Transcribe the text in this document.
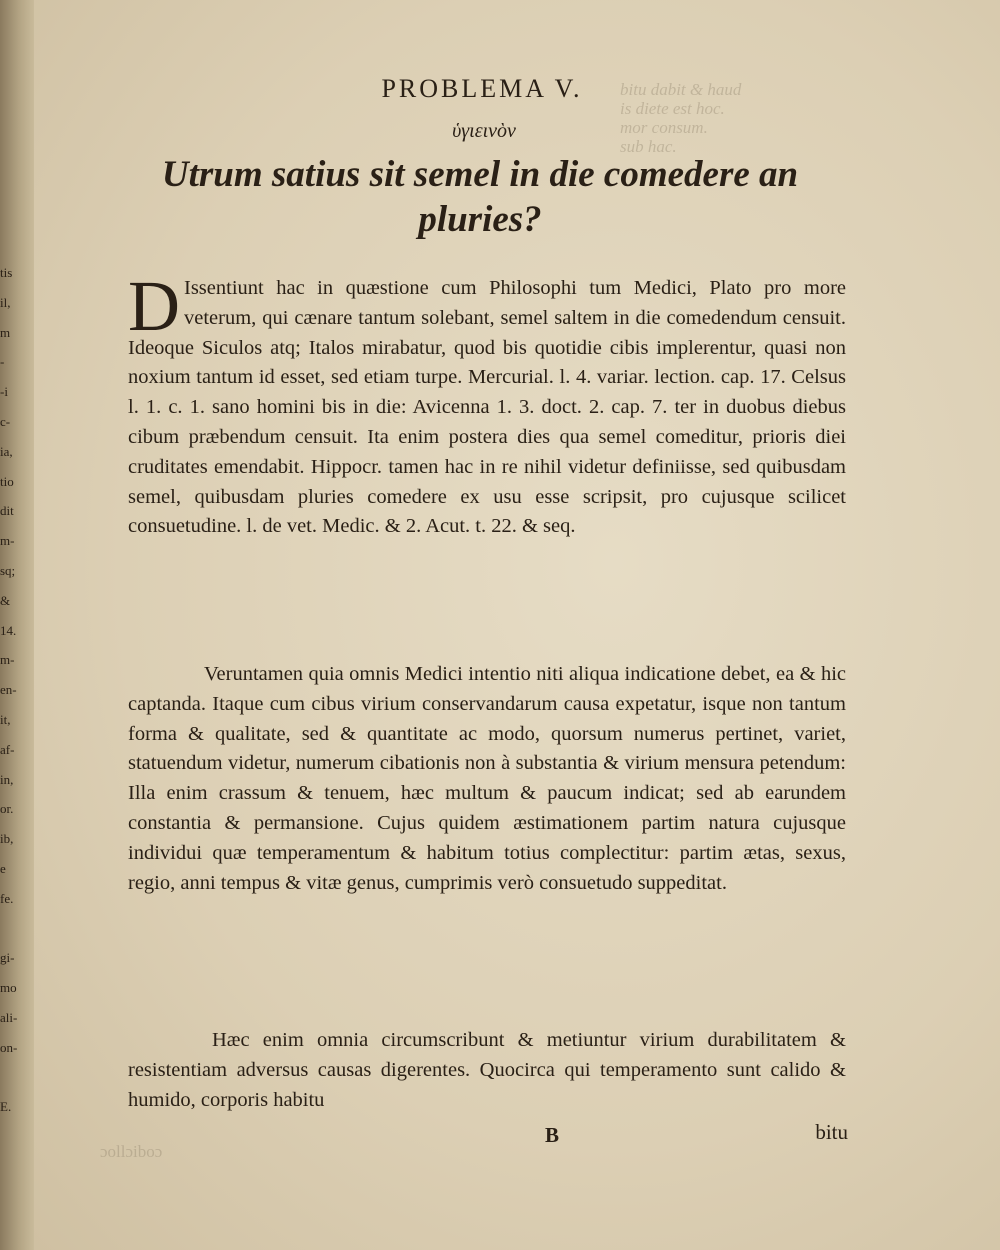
bitu dabit & haud
is diete est hoc.
mor consum.
sub hac.
ɔollɔiboɔ
tis
il,
m
-
-i
c-
ia,
tio
dit
m-
sq;
&
14.
m-
en-
it,
af-
in,
or.
ib,
e
fe.

gi-
mo
ali-
on-

E.
PROBLEMA V.
ὑγιεινὸν
Utrum satius sit semel in die comedere an pluries?
D Issentiunt hac in quæstione cum Philosophi tum Medici, Plato pro more veterum, qui cænare tantum solebant, semel saltem in die comedendum censuit. Ideoque Siculos atq; Italos mirabatur, quod bis quotidie cibis implerentur, quasi non noxium tantum id esset, sed etiam turpe. Mercurial. l. 4. variar. lection. cap. 17. Celsus l. 1. c. 1. sano homini bis in die: Avicenna 1. 3. doct. 2. cap. 7. ter in duobus diebus cibum præbendum censuit. Ita enim postera dies qua semel comeditur, prioris diei cruditates emendabit. Hippocr. tamen hac in re nihil videtur definiisse, sed quibusdam semel, quibusdam pluries comedere ex usu esse scripsit, pro cujusque scilicet consuetudine. l. de vet. Medic. & 2. Acut. t. 22. & seq.
Veruntamen quia omnis Medici intentio niti aliqua indicatione debet, ea & hic captanda. Itaque cum cibus virium conservandarum causa expetatur, isque non tantum forma & qualitate, sed & quantitate ac modo, quorsum numerus pertinet, variet, statuendum videtur, numerum cibationis non à substantia & virium mensura petendum: Illa enim crassum & tenuem, hæc multum & paucum indicat; sed ab earundem constantia & permansione. Cujus quidem æstimationem partim natura cujusque individui quæ temperamentum & habitum totius complectitur: partim ætas, sexus, regio, anni tempus & vitæ genus, cumprimis verò consuetudo suppeditat.
Hæc enim omnia circumscribunt & metiuntur virium durabilitatem & resistentiam adversus causas digerentes. Quocirca qui temperamento sunt calido & humido, corporis habitu
B	bitu
